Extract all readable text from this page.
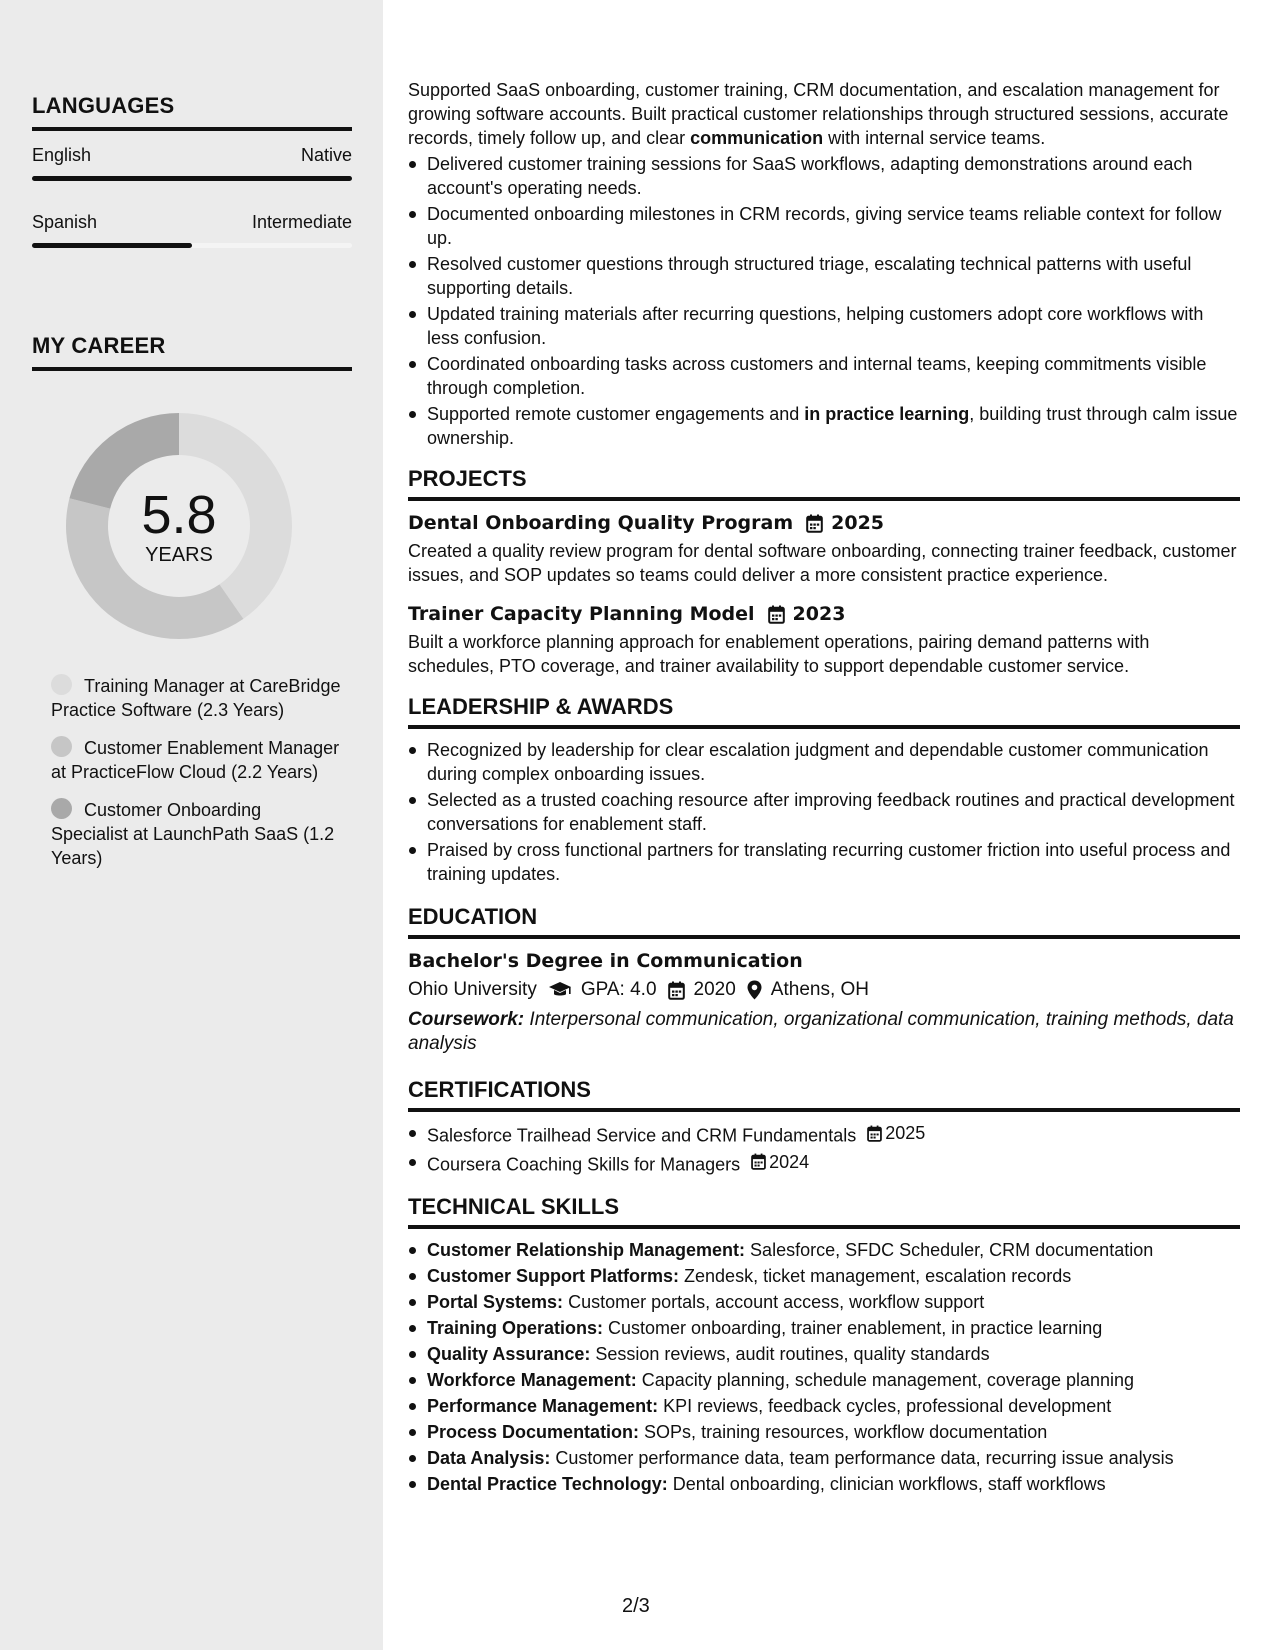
LANGUAGES
English	Native
Spanish	Intermediate
MY CAREER
5.8
YEARS
Training Manager at CareBridge Practice Software (2.3 Years)
Customer Enablement Manager at PracticeFlow Cloud (2.2 Years)
Customer Onboarding Specialist at LaunchPath SaaS (1.2 Years)

Supported SaaS onboarding, customer training, CRM documentation, and escalation management for growing software accounts. Built practical customer relationships through structured sessions, accurate records, timely follow up, and clear communication with internal service teams.

Delivered customer training sessions for SaaS workflows, adapting demonstrations around each account's operating needs.
Documented onboarding milestones in CRM records, giving service teams reliable context for follow up.
Resolved customer questions through structured triage, escalating technical patterns with useful supporting details.
Updated training materials after recurring questions, helping customers adopt core workflows with less confusion.
Coordinated onboarding tasks across customers and internal teams, keeping commitments visible through completion.
Supported remote customer engagements and in practice learning, building trust through calm issue ownership.
PROJECTS
Dental Onboarding Quality Program 2025

Created a quality review program for dental software onboarding, connecting trainer feedback, customer issues, and SOP updates so teams could deliver a more consistent practice experience.

Trainer Capacity Planning Model 2023

Built a workforce planning approach for enablement operations, pairing demand patterns with schedules, PTO coverage, and trainer availability to support dependable customer service.

LEADERSHIP & AWARDS
Recognized by leadership for clear escalation judgment and dependable customer communication during complex onboarding issues.
Selected as a trusted coaching resource after improving feedback routines and practical development conversations for enablement staff.
Praised by cross functional partners for translating recurring customer friction into useful process and training updates.
EDUCATION
Bachelor's Degree in Communication
Ohio University GPA: 4.0 2020 Athens, OH

Coursework: Interpersonal communication, organizational communication, training methods, data analysis

CERTIFICATIONS
Salesforce Trailhead Service and CRM Fundamentals 2025
Coursera Coaching Skills for Managers 2024
TECHNICAL SKILLS
Customer Relationship Management: Salesforce, SFDC Scheduler, CRM documentation
Customer Support Platforms: Zendesk, ticket management, escalation records
Portal Systems: Customer portals, account access, workflow support
Training Operations: Customer onboarding, trainer enablement, in practice learning
Quality Assurance: Session reviews, audit routines, quality standards
Workforce Management: Capacity planning, schedule management, coverage planning
Performance Management: KPI reviews, feedback cycles, professional development
Process Documentation: SOPs, training resources, workflow documentation
Data Analysis: Customer performance data, team performance data, recurring issue analysis
Dental Practice Technology: Dental onboarding, clinician workflows, staff workflows
2/3
